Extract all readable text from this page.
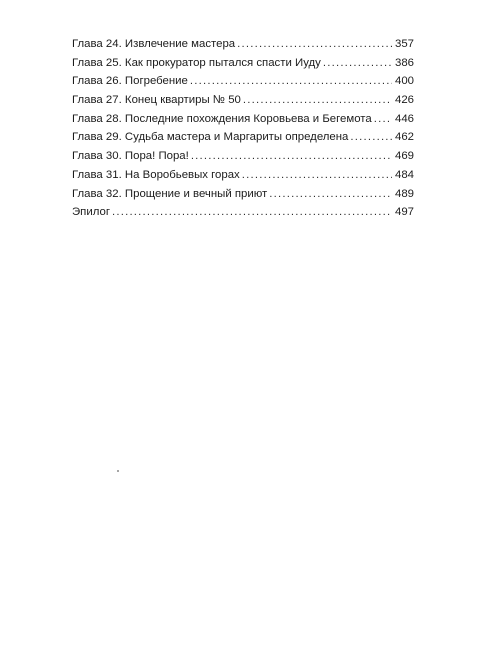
Глава 24. Извлечение мастера .....	357
Глава 25. Как прокуратор пытался спасти Иуду .....	386
Глава 26. Погребение .....	400
Глава 27. Конец квартиры № 50 .....	426
Глава 28. Последние похождения Коровьева и Бегемота ..... 446
Глава 29. Судьба мастера и Маргариты определена .....	462
Глава 30. Пора! Пора! .....	469
Глава 31. На Воробьевых горах .....	484
Глава 32. Прощение и вечный приют .....	489
Эпилог .....	497
